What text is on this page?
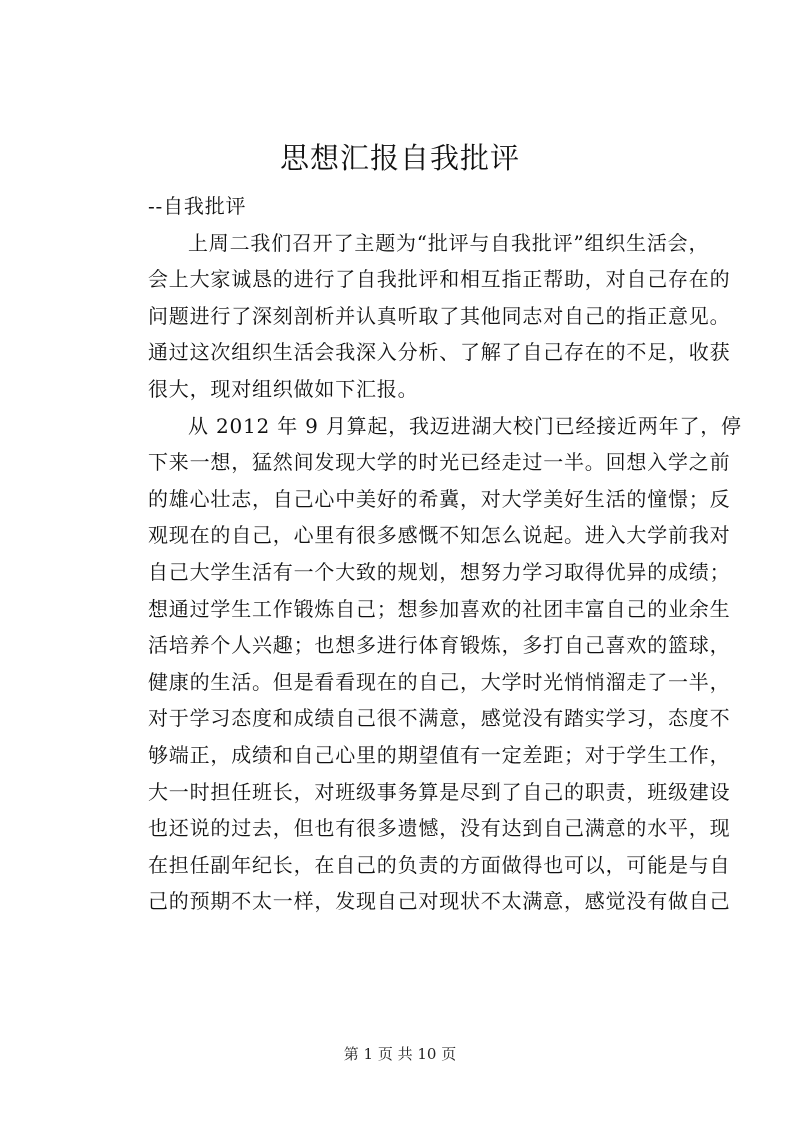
思想汇报自我批评

--自我批评

上周二我们召开了主题为“批评与自我批评”组织生活会，
会上大家诚恳的进行了自我批评和相互指正帮助，对自己存在的
问题进行了深刻剖析并认真听取了其他同志对自己的指正意见。
通过这次组织生活会我深入分析、了解了自己存在的不足，收获
很大，现对组织做如下汇报。

从 2012 年 9 月算起，我迈进湖大校门已经接近两年了，停
下来一想，猛然间发现大学的时光已经走过一半。回想入学之前
的雄心壮志，自己心中美好的希冀，对大学美好生活的憧憬；反
观现在的自己，心里有很多感慨不知怎么说起。进入大学前我对
自己大学生活有一个大致的规划，想努力学习取得优异的成绩；
想通过学生工作锻炼自己；想参加喜欢的社团丰富自己的业余生
活培养个人兴趣；也想多进行体育锻炼，多打自己喜欢的篮球，
健康的生活。但是看看现在的自己，大学时光悄悄溜走了一半，
对于学习态度和成绩自己很不满意，感觉没有踏实学习，态度不
够端正，成绩和自己心里的期望值有一定差距；对于学生工作，
大一时担任班长，对班级事务算是尽到了自己的职责，班级建设
也还说的过去，但也有很多遗憾，没有达到自己满意的水平，现
在担任副年纪长，在自己的负责的方面做得也可以，可能是与自
己的预期不太一样，发现自己对现状不太满意，感觉没有做自己

第 1 页 共 10 页
